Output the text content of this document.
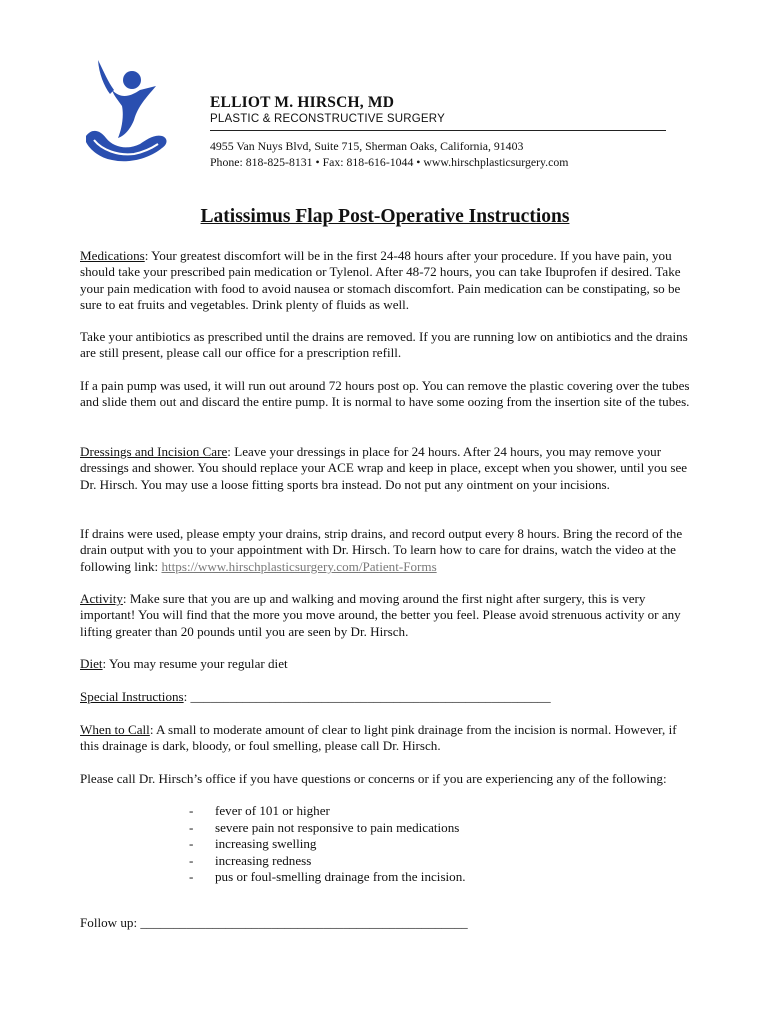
ELLIOT M. HIRSCH, MD
PLASTIC & RECONSTRUCTIVE SURGERY
4955 Van Nuys Blvd, Suite 715, Sherman Oaks, California, 91403
Phone: 818-825-8131 • Fax: 818-616-1044 • www.hirschplasticsurgery.com
Latissimus Flap Post-Operative Instructions

Medications: Your greatest discomfort will be in the first 24-48 hours after your procedure. If you have pain, you should take your prescribed pain medication or Tylenol. After 48-72 hours, you can take Ibuprofen if desired. Take your pain medication with food to avoid nausea or stomach discomfort. Pain medication can be constipating, so be sure to eat fruits and vegetables. Drink plenty of fluids as well.

Take your antibiotics as prescribed until the drains are removed. If you are running low on antibiotics and the drains are still present, please call our office for a prescription refill.

If a pain pump was used, it will run out around 72 hours post op. You can remove the plastic covering over the tubes and slide them out and discard the entire pump. It is normal to have some oozing from the insertion site of the tubes.

Dressings and Incision Care: Leave your dressings in place for 24 hours. After 24 hours, you may remove your dressings and shower. You should replace your ACE wrap and keep in place, except when you shower, until you see Dr. Hirsch. You may use a loose fitting sports bra instead. Do not put any ointment on your incisions.

If drains were used, please empty your drains, strip drains, and record output every 8 hours. Bring the record of the drain output with you to your appointment with Dr. Hirsch. To learn how to care for drains, watch the video at the following link: https://www.hirschplasticsurgery.com/Patient-Forms

Activity: Make sure that you are up and walking and moving around the first night after surgery, this is very important! You will find that the more you move around, the better you feel. Please avoid strenuous activity or any lifting greater than 20 pounds until you are seen by Dr. Hirsch.

Diet: You may resume your regular diet

Special Instructions: _______________________________________________________

When to Call: A small to moderate amount of clear to light pink drainage from the incision is normal. However, if this drainage is dark, bloody, or foul smelling, please call Dr. Hirsch.

Please call Dr. Hirsch’s office if you have questions or concerns or if you are experiencing any of the following:

- fever of 101 or higher
- severe pain not responsive to pain medications
- increasing swelling
- increasing redness
- pus or foul-smelling drainage from the incision.

Follow up: __________________________________________________
